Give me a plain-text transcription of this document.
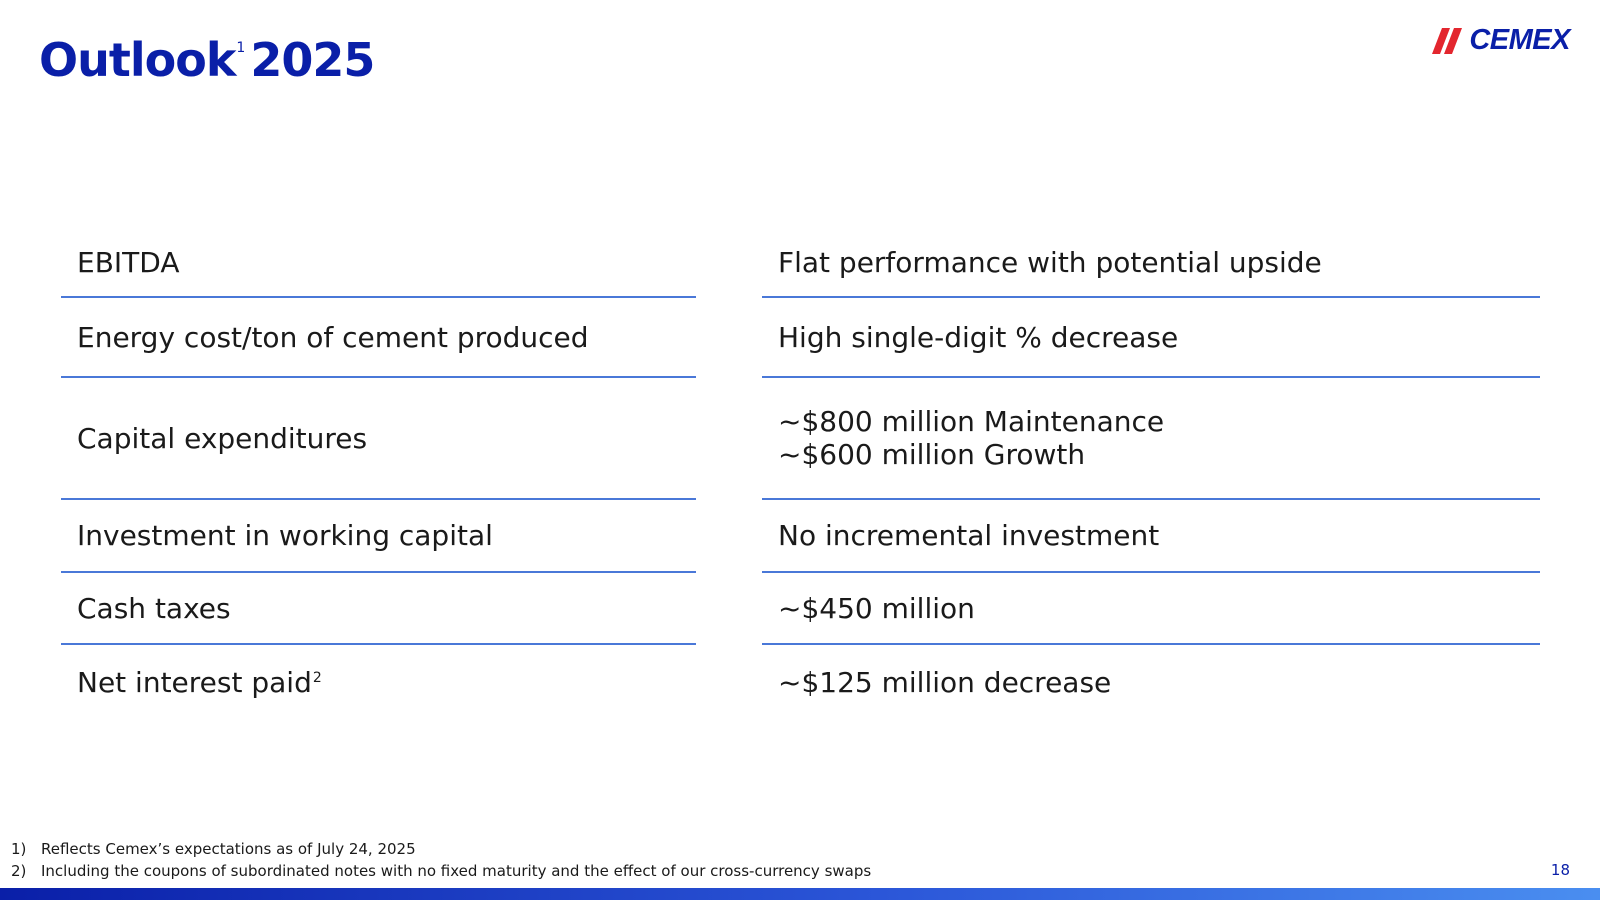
Outlook$^1$ 2025	CEMEX
EBITDA	Flat performance with potential upside
Energy cost/ton of cement produced	High single-digit % decrease
Capital expenditures	~$800 million Maintenance
~$600 million Growth
Investment in working capital	No incremental investment
Cash taxes	~$450 million
Net interest paid$^2$	~$125 million decrease
1) Reflects Cemex’s expectations as of July 24, 2025
2) Including the coupons of subordinated notes with no fixed maturity and the effect of our cross-currency swaps	18
